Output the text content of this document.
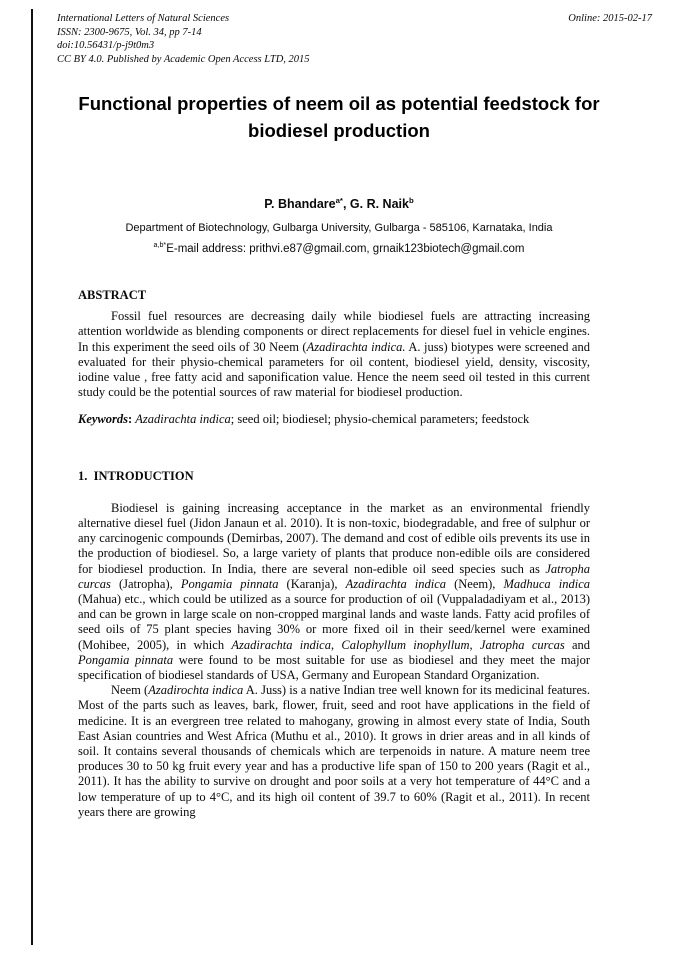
International Letters of Natural Sciences
ISSN: 2300-9675, Vol. 34, pp 7-14
doi:10.56431/p-j9t0m3
CC BY 4.0. Published by Academic Open Access LTD, 2015
Online: 2015-02-17
Functional properties of neem oil as potential feedstock for biodiesel production
P. Bhandare$^{a*}$, G. R. Naik$^b$
Department of Biotechnology, Gulbarga University, Gulbarga - 585106, Karnataka, India
$^{a,b*}$E-mail address: prithvi.e87@gmail.com, grnaik123biotech@gmail.com
ABSTRACT

Fossil fuel resources are decreasing daily while biodiesel fuels are attracting increasing attention worldwide as blending components or direct replacements for diesel fuel in vehicle engines. In this experiment the seed oils of 30 Neem (Azadirachta indica. A. juss) biotypes were screened and evaluated for their physio-chemical parameters for oil content, biodiesel yield, density, viscosity, iodine value , free fatty acid and saponification value. Hence the neem seed oil tested in this current study could be the potential sources of raw material for biodiesel production.

Keywords: Azadirachta indica; seed oil; biodiesel; physio-chemical parameters; feedstock

1.  INTRODUCTION

Biodiesel is gaining increasing acceptance in the market as an environmental friendly alternative diesel fuel (Jidon Janaun et al. 2010). It is non-toxic, biodegradable, and free of sulphur or any carcinogenic compounds (Demirbas, 2007). The demand and cost of edible oils prevents its use in the production of biodiesel. So, a large variety of plants that produce non-edible oils are considered for biodiesel production. In India, there are several non-edible oil seed species such as Jatropha curcas (Jatropha), Pongamia pinnata (Karanja), Azadirachta indica (Neem), Madhuca indica (Mahua) etc., which could be utilized as a source for production of oil (Vuppaladadiyam et al., 2013) and can be grown in large scale on non-cropped marginal lands and waste lands. Fatty acid profiles of seed oils of 75 plant species having 30% or more fixed oil in their seed/kernel were examined (Mohibee, 2005), in which Azadirachta indica, Calophyllum inophyllum, Jatropha curcas and Pongamia pinnata were found to be most suitable for use as biodiesel and they meet the major specification of biodiesel standards of USA, Germany and European Standard Organization.

Neem (Azadirochta indica A. Juss) is a native Indian tree well known for its medicinal features. Most of the parts such as leaves, bark, flower, fruit, seed and root have applications in the field of medicine. It is an evergreen tree related to mahogany, growing in almost every state of India, South East Asian countries and West Africa (Muthu et al., 2010). It grows in drier areas and in all kinds of soil. It contains several thousands of chemicals which are terpenoids in nature. A mature neem tree produces 30 to 50 kg fruit every year and has a productive life span of 150 to 200 years (Ragit et al., 2011). It has the ability to survive on drought and poor soils at a very hot temperature of 44°C and a low temperature of up to 4°C, and its high oil content of 39.7 to 60% (Ragit et al., 2011). In recent years there are growing
